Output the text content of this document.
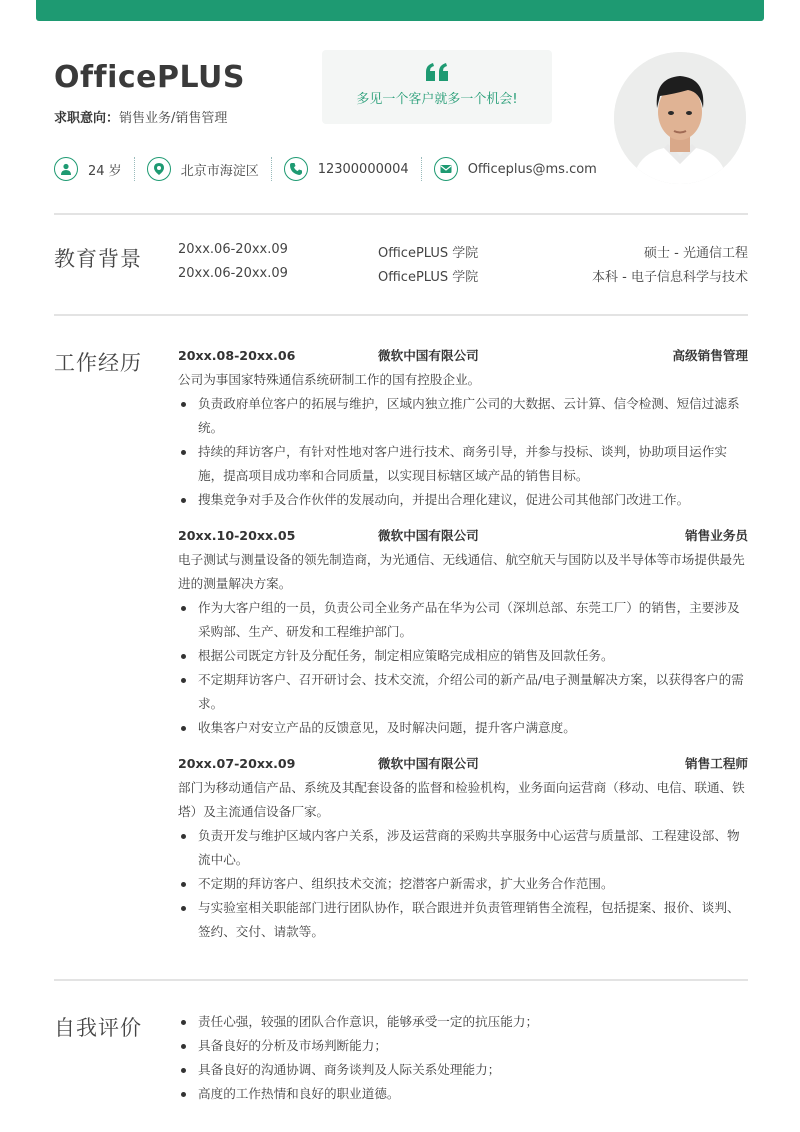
OfficePLUS
求职意向：销售业务/销售管理
多见一个客户就多一个机会!
24 岁	北京市海淀区	12300000004	Officeplus@ms.com
教育背景	20xx.06-20xx.09	OfficePLUS 学院	硕士 - 光通信工程
20xx.06-20xx.09	OfficePLUS 学院	本科 - 电子信息科学与技术
工作经历	20xx.08-20xx.06	微软中国有限公司	高级销售管理
公司为事国家特殊通信系统研制工作的国有控股企业。
负责政府单位客户的拓展与维护，区域内独立推广公司的大数据、云计算、信令检测、短信过滤系统。
持续的拜访客户，有针对性地对客户进行技术、商务引导，并参与投标、谈判，协助项目运作实施，提高项目成功率和合同质量，以实现目标辖区域产品的销售目标。
搜集竞争对手及合作伙伴的发展动向，并提出合理化建议，促进公司其他部门改进工作。
20xx.10-20xx.05	微软中国有限公司	销售业务员
电子测试与测量设备的领先制造商，为光通信、无线通信、航空航天与国防以及半导体等市场提供最先进的测量解决方案。
作为大客户组的一员，负责公司全业务产品在华为公司（深圳总部、东莞工厂）的销售，主要涉及采购部、生产、研发和工程维护部门。
根据公司既定方针及分配任务，制定相应策略完成相应的销售及回款任务。
不定期拜访客户、召开研讨会、技术交流，介绍公司的新产品/电子测量解决方案，以获得客户的需求。
收集客户对安立产品的反馈意见，及时解决问题，提升客户满意度。
20xx.07-20xx.09	微软中国有限公司	销售工程师
部门为移动通信产品、系统及其配套设备的监督和检验机构，业务面向运营商（移动、电信、联通、铁塔）及主流通信设备厂家。
负责开发与维护区域内客户关系，涉及运营商的采购共享服务中心运营与质量部、工程建设部、物流中心。
不定期的拜访客户、组织技术交流；挖潜客户新需求，扩大业务合作范围。
与实验室相关职能部门进行团队协作，联合跟进并负责管理销售全流程，包括提案、报价、谈判、签约、交付、请款等。
自我评价	责任心强，较强的团队合作意识，能够承受一定的抗压能力；
具备良好的分析及市场判断能力；
具备良好的沟通协调、商务谈判及人际关系处理能力；
高度的工作热情和良好的职业道德。
